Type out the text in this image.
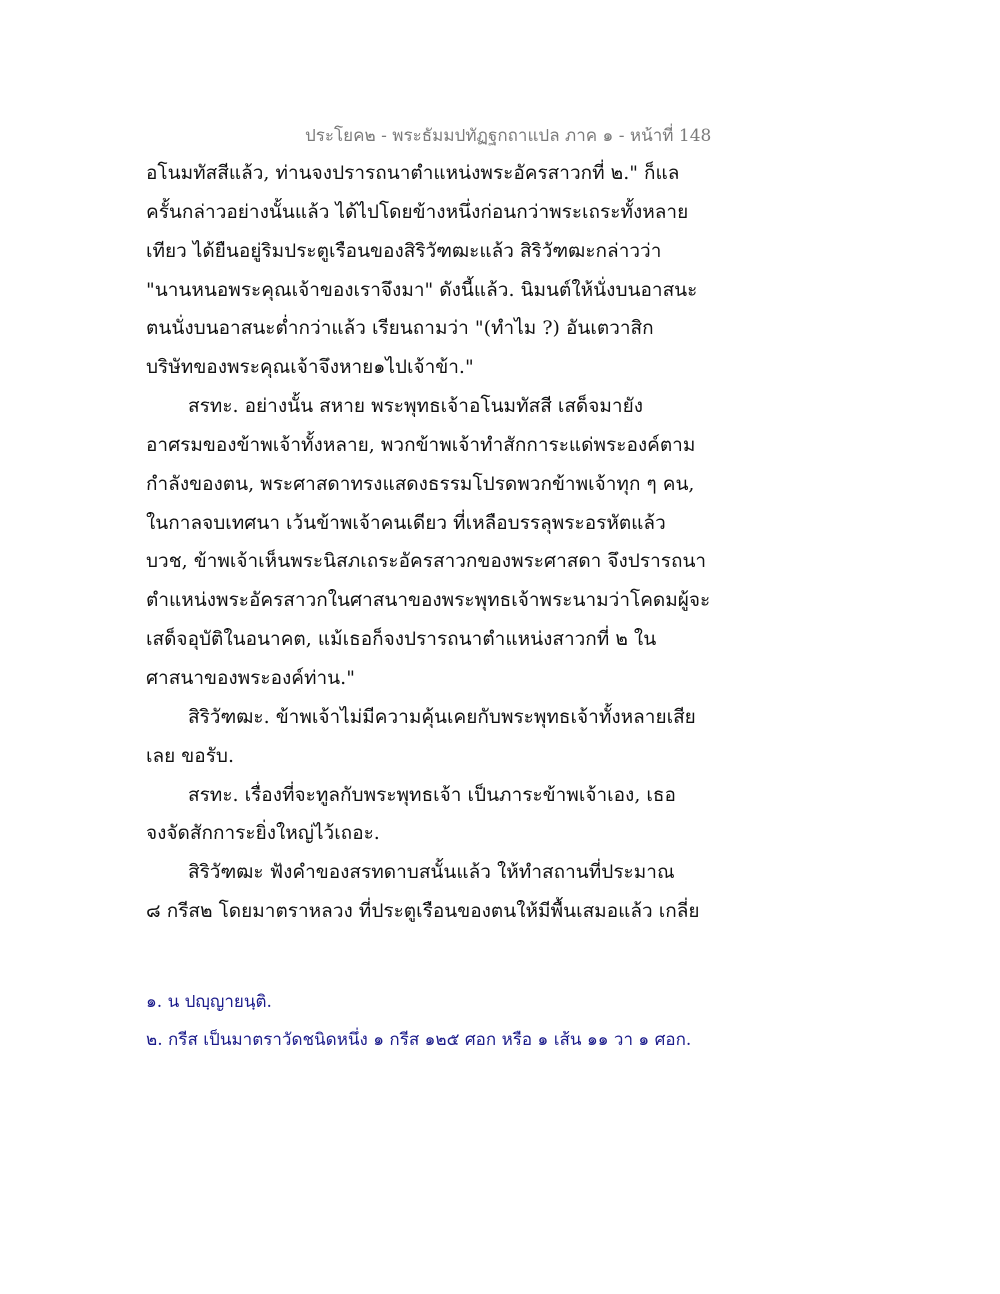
ประโยค๒ - พระธัมมปทัฏฐกถาแปล ภาค ๑ - หน้าที่ 148
อโนมทัสสีแล้ว, ท่านจงปรารถนาตำแหน่งพระอัครสาวกที่ ๒." ก็แล
ครั้นกล่าวอย่างนั้นแล้ว ได้ไปโดยข้างหนึ่งก่อนกว่าพระเถระทั้งหลาย
เทียว ได้ยืนอยู่ริมประตูเรือนของสิริวัฑฒะแล้ว สิริวัฑฒะกล่าวว่า
"นานหนอพระคุณเจ้าของเราจึงมา" ดังนี้แล้ว. นิมนต์ให้นั่งบนอาสนะ
ตนนั่งบนอาสนะต่ำกว่าแล้ว เรียนถามว่า "(ทำไม ?) อันเตวาสิก
บริษัทของพระคุณเจ้าจึงหาย๑ไปเจ้าข้า."
สรทะ. อย่างนั้น สหาย พระพุทธเจ้าอโนมทัสสี เสด็จมายัง
อาศรมของข้าพเจ้าทั้งหลาย, พวกข้าพเจ้าทำสักการะแด่พระองค์ตาม
กำลังของตน, พระศาสดาทรงแสดงธรรมโปรดพวกข้าพเจ้าทุก ๆ คน,
ในกาลจบเทศนา เว้นข้าพเจ้าคนเดียว ที่เหลือบรรลุพระอรหัตแล้ว
บวช, ข้าพเจ้าเห็นพระนิสภเถระอัครสาวกของพระศาสดา จึงปรารถนา
ตำแหน่งพระอัครสาวกในศาสนาของพระพุทธเจ้าพระนามว่าโคดมผู้จะ
เสด็จอุบัติในอนาคต, แม้เธอก็จงปรารถนาตำแหน่งสาวกที่ ๒ ใน
ศาสนาของพระองค์ท่าน."
สิริวัฑฒะ. ข้าพเจ้าไม่มีความคุ้นเคยกับพระพุทธเจ้าทั้งหลายเสีย
เลย ขอรับ.
สรทะ. เรื่องที่จะทูลกับพระพุทธเจ้า เป็นภาระข้าพเจ้าเอง, เธอ
จงจัดสักการะยิ่งใหญ่ไว้เถอะ.
สิริวัฑฒะ ฟังคำของสรทดาบสนั้นแล้ว ให้ทำสถานที่ประมาณ
๘ กรีส๒ โดยมาตราหลวง ที่ประตูเรือนของตนให้มีพื้นเสมอแล้ว เกลี่ย
๑. น ปญฺญายนฺติ.
๒. กรีส เป็นมาตราวัดชนิดหนึ่ง ๑ กรีส ๑๒๕ ศอก หรือ ๑ เส้น ๑๑ วา ๑ ศอก.
